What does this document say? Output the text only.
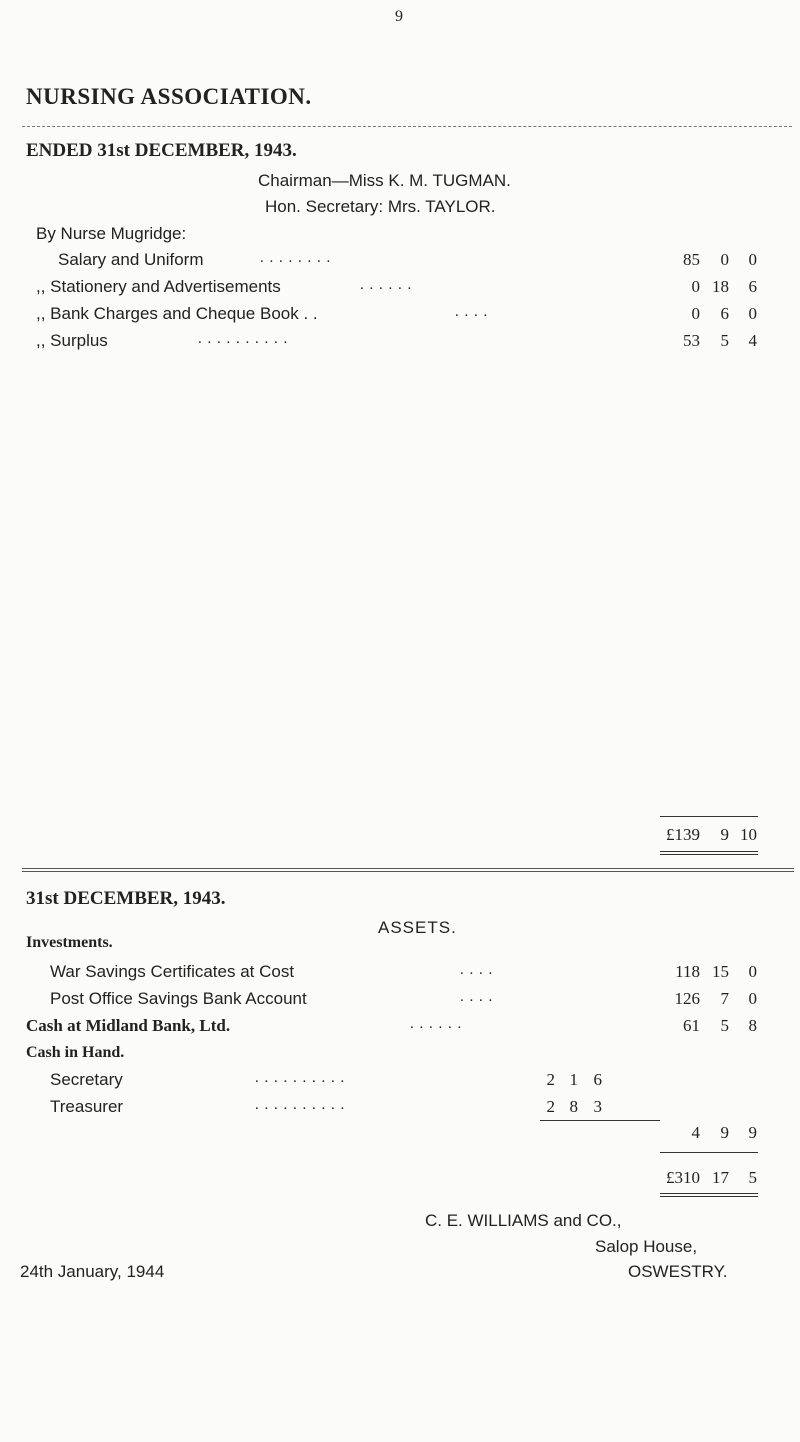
9
NURSING ASSOCIATION.
ENDED 31st DECEMBER, 1943.
Chairman—Miss K. M. TUGMAN.
Hon. Secretary: Mrs. TAYLOR.
By Nurse Mugridge:
Salary and Uniform	. . . . . . . .	85	0	0
,, Stationery and Advertisements	. . . . . .	0 18	6
,, Bank Charges and Cheque Book . .	. . . .	0	6	0
,, Surplus	. . . . . . . . . .	53	5	4
£139	9 10
31st DECEMBER, 1943.
ASSETS.
Investments.
War Savings Certificates at Cost	. . . .	118 15	0
Post Office Savings Bank Account	. . . .	126	7	0
Cash at Midland Bank, Ltd.	. . . . . .	61	5	8
Cash in Hand.
Secretary	. . . . . . . . . .	2 1 6
Treasurer	. . . . . . . . . .	2 8 3
4	9	9
£310 17	5
C. E. WILLIAMS and CO.,
Salop House,
24th January, 1944	OSWESTRY.
